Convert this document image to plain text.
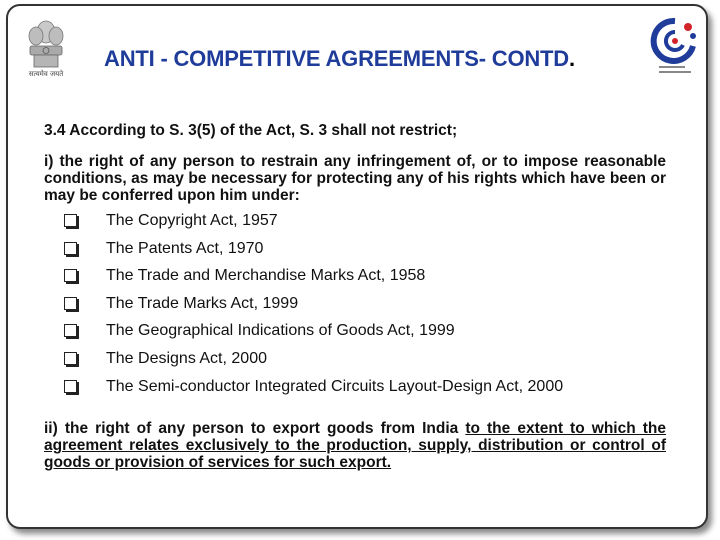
सत्यमेव जयते
ANTI - COMPETITIVE AGREEMENTS- CONTD.

3.4 According to S. 3(5) of the Act, S. 3 shall not restrict;

i) the right of any person to restrain any infringement of, or to impose reasonable conditions, as may be necessary for protecting any of his rights which have been or may be conferred upon him under:

The Copyright Act, 1957
The Patents Act, 1970
The Trade and Merchandise Marks Act, 1958
The Trade Marks Act, 1999
The Geographical Indications of Goods Act, 1999
The Designs Act, 2000
The Semi-conductor Integrated Circuits Layout-Design Act, 2000

ii) the right of any person to export goods from India to the extent to which the agreement relates exclusively to the production, supply, distribution or control of goods or provision of services for such export.
